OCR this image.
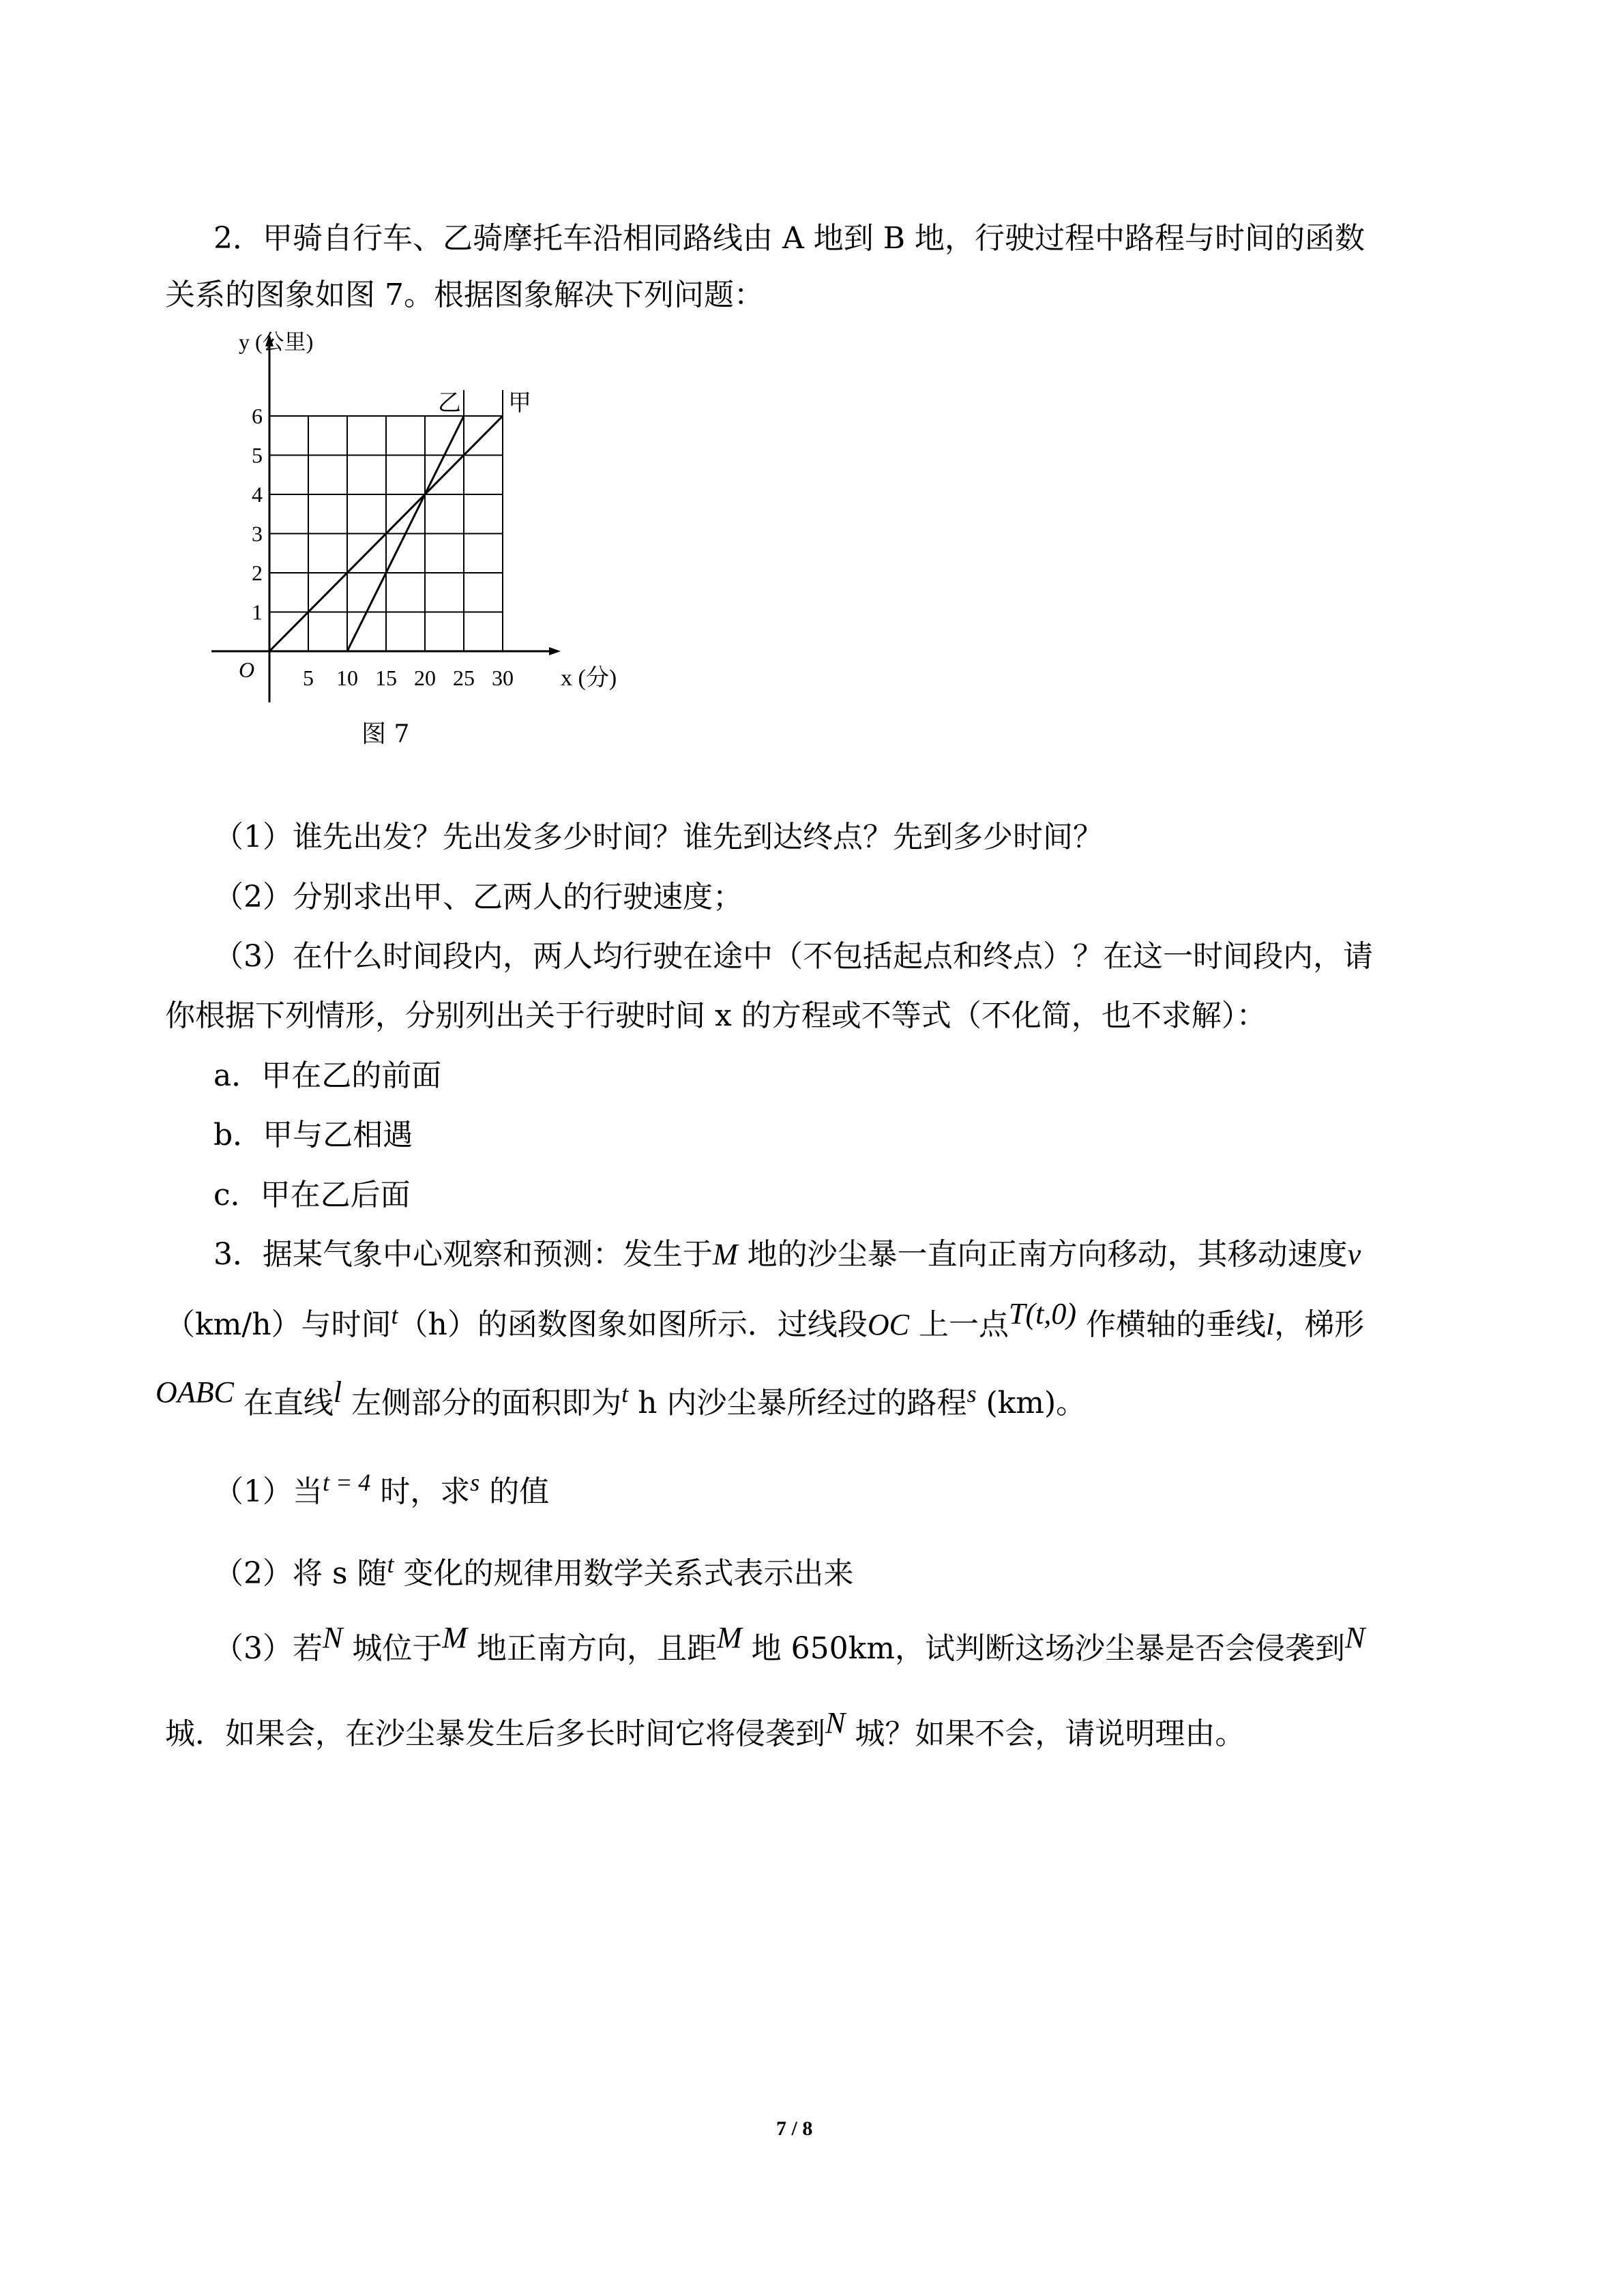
2．甲骑自行车、乙骑摩托车沿相同路线由 A 地到 B 地，行驶过程中路程与时间的函数
关系的图象如图 7。根据图象解决下列问题：
甲
乙
5 10 15 20 25 30
1
2
3
4
5
6
O	x (分)
y (公里)
图 7
（1）谁先出发？先出发多少时间？谁先到达终点？先到多少时间？
（2）分别求出甲、乙两人的行驶速度；
（3）在什么时间段内，两人均行驶在途中（不包括起点和终点）？在这一时间段内，请
你根据下列情形，分别列出关于行驶时间 x 的方程或不等式（不化简，也不求解）：
a．甲在乙的前面
b．甲与乙相遇
c．甲在乙后面
3．据某气象中心观察和预测：发生于M 地的沙尘暴一直向正南方向移动，其移动速度v
（km/h）与时间$^t$（h）的函数图象如图所示．过线段OC 上一点T(t,0) 作横轴的垂线l，梯形
OABC 在直线l 左侧部分的面积即为$^t$ h 内沙尘暴所经过的路程$^s$ (km)。
（1）当$^{t = 4}$ 时，求$^s$ 的值
（2）将 s 随$^t$ 变化的规律用数学关系式表示出来
（3）若N 城位于M 地正南方向，且距M 地 650km，试判断这场沙尘暴是否会侵袭到N
城．如果会，在沙尘暴发生后多长时间它将侵袭到N 城？如果不会，请说明理由。
7 / 8
